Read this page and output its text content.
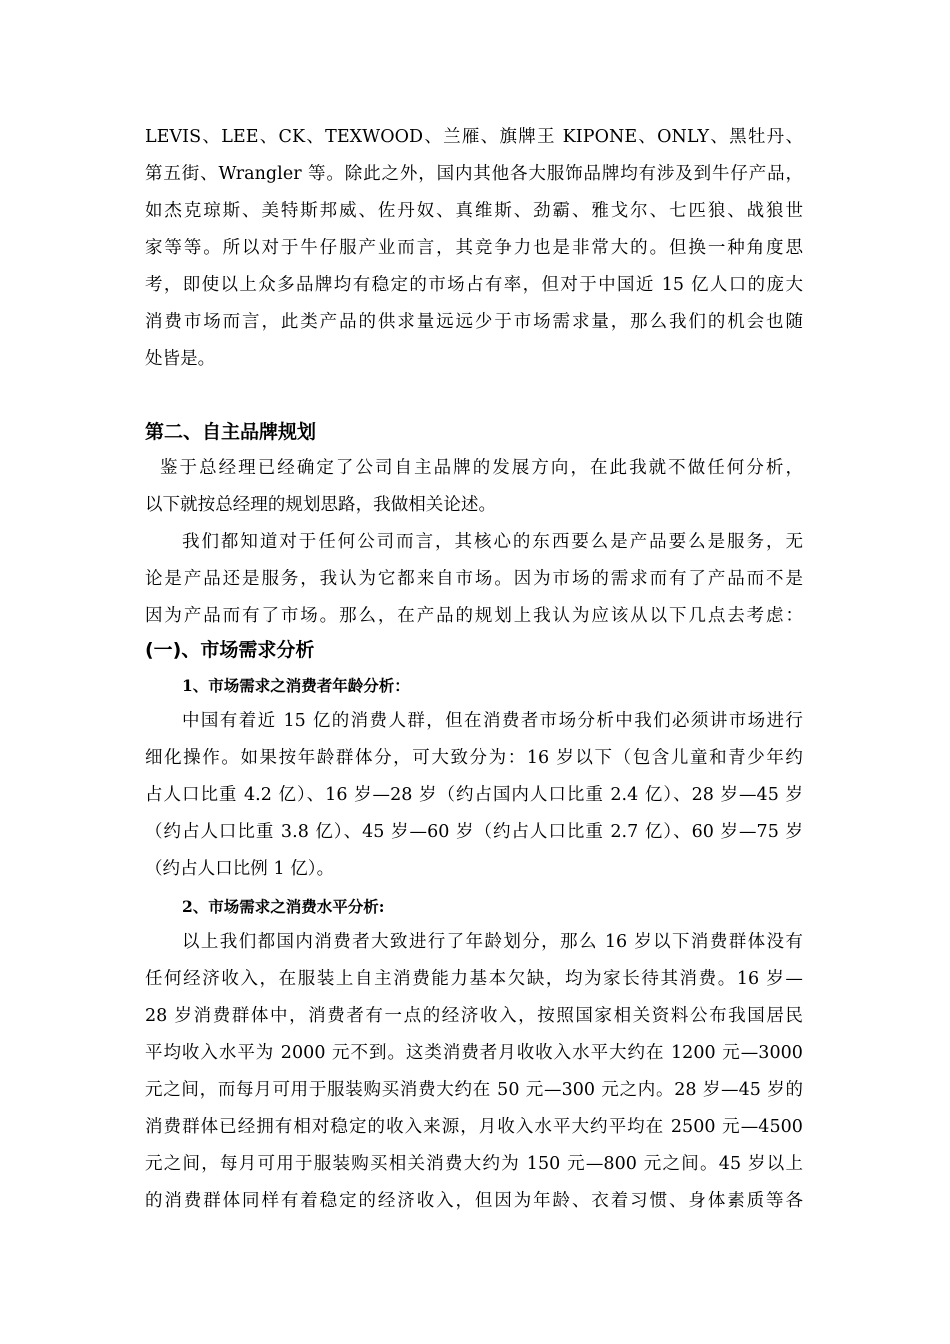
LEVIS、LEE、CK、TEXWOOD、兰雁、旗牌王 KIPONE、ONLY、黑牡丹、
第五街、Wrangler 等。除此之外，国内其他各大服饰品牌均有涉及到牛仔产品，
如杰克琼斯、美特斯邦威、佐丹奴、真维斯、劲霸、雅戈尔、七匹狼、战狼世
家等等。所以对于牛仔服产业而言，其竞争力也是非常大的。但换一种角度思
考，即使以上众多品牌均有稳定的市场占有率，但对于中国近 15 亿人口的庞大
消费市场而言，此类产品的供求量远远少于市场需求量，那么我们的机会也随
处皆是。
第二、自主品牌规划
鉴于总经理已经确定了公司自主品牌的发展方向，在此我就不做任何分析，
以下就按总经理的规划思路，我做相关论述。
我们都知道对于任何公司而言，其核心的东西要么是产品要么是服务，无
论是产品还是服务，我认为它都来自市场。因为市场的需求而有了产品而不是
因为产品而有了市场。那么，在产品的规划上我认为应该从以下几点去考虑：
(一)、市场需求分析
1、市场需求之消费者年龄分析：
中国有着近 15 亿的消费人群，但在消费者市场分析中我们必须讲市场进行
细化操作。如果按年龄群体分，可大致分为：16 岁以下（包含儿童和青少年约
占人口比重 4.2 亿）、16 岁—28 岁（约占国内人口比重 2.4 亿）、28 岁—45 岁
（约占人口比重 3.8 亿）、45 岁—60 岁（约占人口比重 2.7 亿）、60 岁—75 岁
（约占人口比例 1 亿）。
2、市场需求之消费水平分析:
以上我们都国内消费者大致进行了年龄划分，那么 16 岁以下消费群体没有
任何经济收入，在服装上自主消费能力基本欠缺，均为家长待其消费。16 岁—
28 岁消费群体中，消费者有一点的经济收入，按照国家相关资料公布我国居民
平均收入水平为 2000 元不到。这类消费者月收收入水平大约在 1200 元—3000
元之间，而每月可用于服装购买消费大约在 50 元—300 元之内。28 岁—45 岁的
消费群体已经拥有相对稳定的收入来源，月收入水平大约平均在 2500 元—4500
元之间，每月可用于服装购买相关消费大约为 150 元—800 元之间。45 岁以上
的消费群体同样有着稳定的经济收入，但因为年龄、衣着习惯、身体素质等各
